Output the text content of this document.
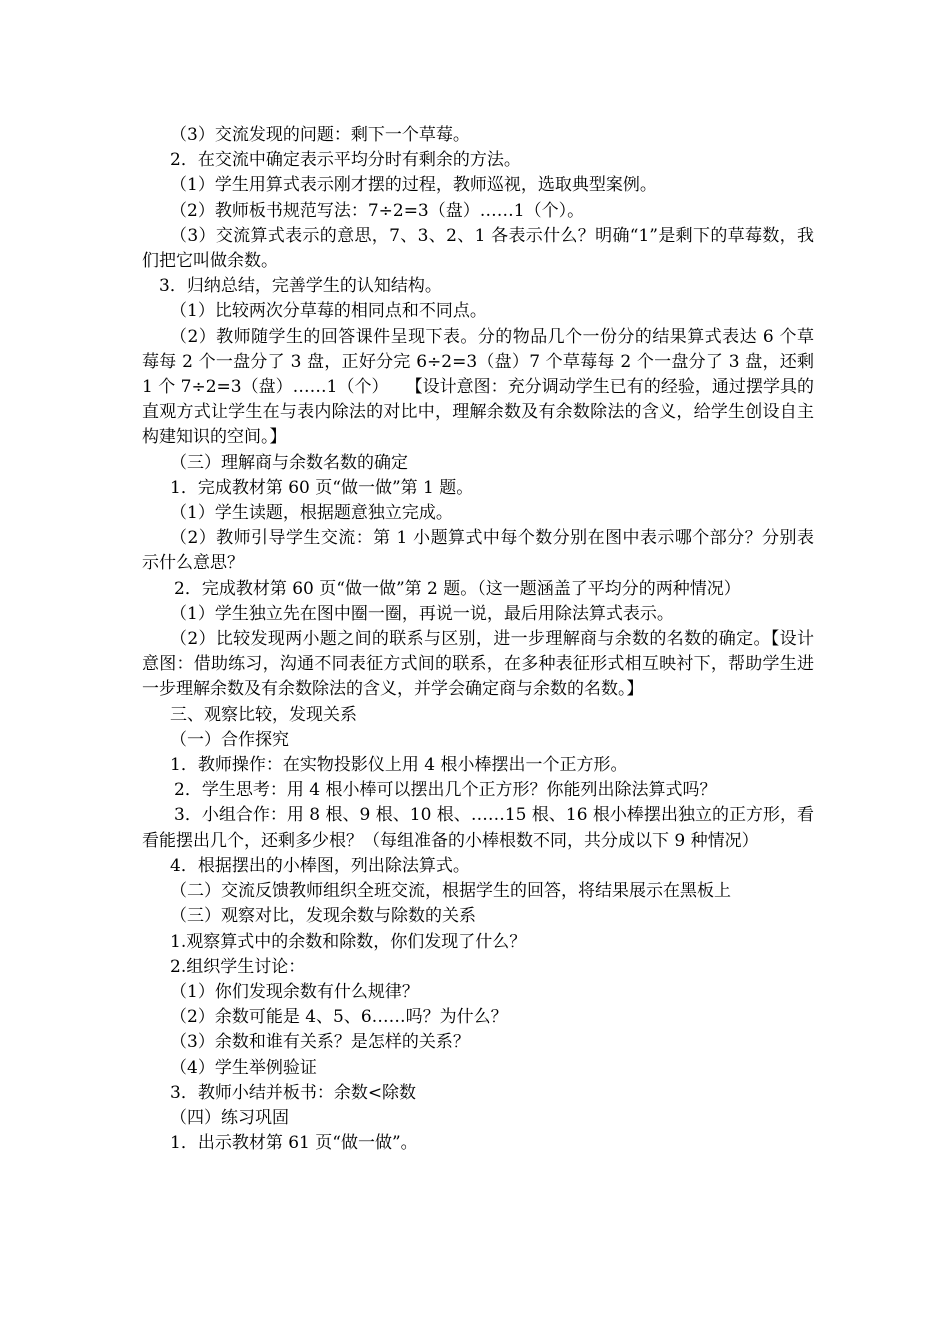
（3）交流发现的问题：剩下一个草莓。

2．在交流中确定表示平均分时有剩余的方法。

（1）学生用算式表示刚才摆的过程，教师巡视，选取典型案例。

（2）教师板书规范写法：7÷2=3（盘）……1（个）。

（3）交流算式表示的意思，7、3、2、1 各表示什么？明确“1”是剩下的草莓数，我们把它叫做余数。

3．归纳总结，完善学生的认知结构。

（1）比较两次分草莓的相同点和不同点。

（2）教师随学生的回答课件呈现下表。分的物品几个一份分的结果算式表达 6 个草莓每 2 个一盘分了 3 盘，正好分完 6÷2=3（盘）7 个草莓每 2 个一盘分了 3 盘，还剩 1 个 7÷2=3（盘）……1（个）　　【设计意图：充分调动学生已有的经验，通过摆学具的直观方式让学生在与表内除法的对比中，理解余数及有余数除法的含义，给学生创设自主构建知识的空间。】

（三）理解商与余数名数的确定

1．完成教材第 60 页“做一做”第 1 题。

（1）学生读题，根据题意独立完成。

（2）教师引导学生交流：第 1 小题算式中每个数分别在图中表示哪个部分？分别表示什么意思？

2．完成教材第 60 页“做一做”第 2 题。（这一题涵盖了平均分的两种情况）

（1）学生独立先在图中圈一圈，再说一说，最后用除法算式表示。

（2）比较发现两小题之间的联系与区别，进一步理解商与余数的名数的确定。【设计意图：借助练习，沟通不同表征方式间的联系，在多种表征形式相互映衬下，帮助学生进一步理解余数及有余数除法的含义，并学会确定商与余数的名数。】

三、观察比较，发现关系

（一）合作探究

1．教师操作：在实物投影仪上用 4 根小棒摆出一个正方形。

2．学生思考：用 4 根小棒可以摆出几个正方形？你能列出除法算式吗？

3．小组合作：用 8 根、9 根、10 根、……15 根、16 根小棒摆出独立的正方形，看看能摆出几个，还剩多少根？（每组准备的小棒根数不同，共分成以下 9 种情况）

4．根据摆出的小棒图，列出除法算式。

（二）交流反馈教师组织全班交流，根据学生的回答，将结果展示在黑板上

（三）观察对比，发现余数与除数的关系

1.观察算式中的余数和除数，你们发现了什么？

2.组织学生讨论：

（1）你们发现余数有什么规律？

（2）余数可能是 4、5、6……吗？为什么？

（3）余数和谁有关系？是怎样的关系？

（4）学生举例验证

3．教师小结并板书：余数<除数

（四）练习巩固

1．出示教材第 61 页“做一做”。
